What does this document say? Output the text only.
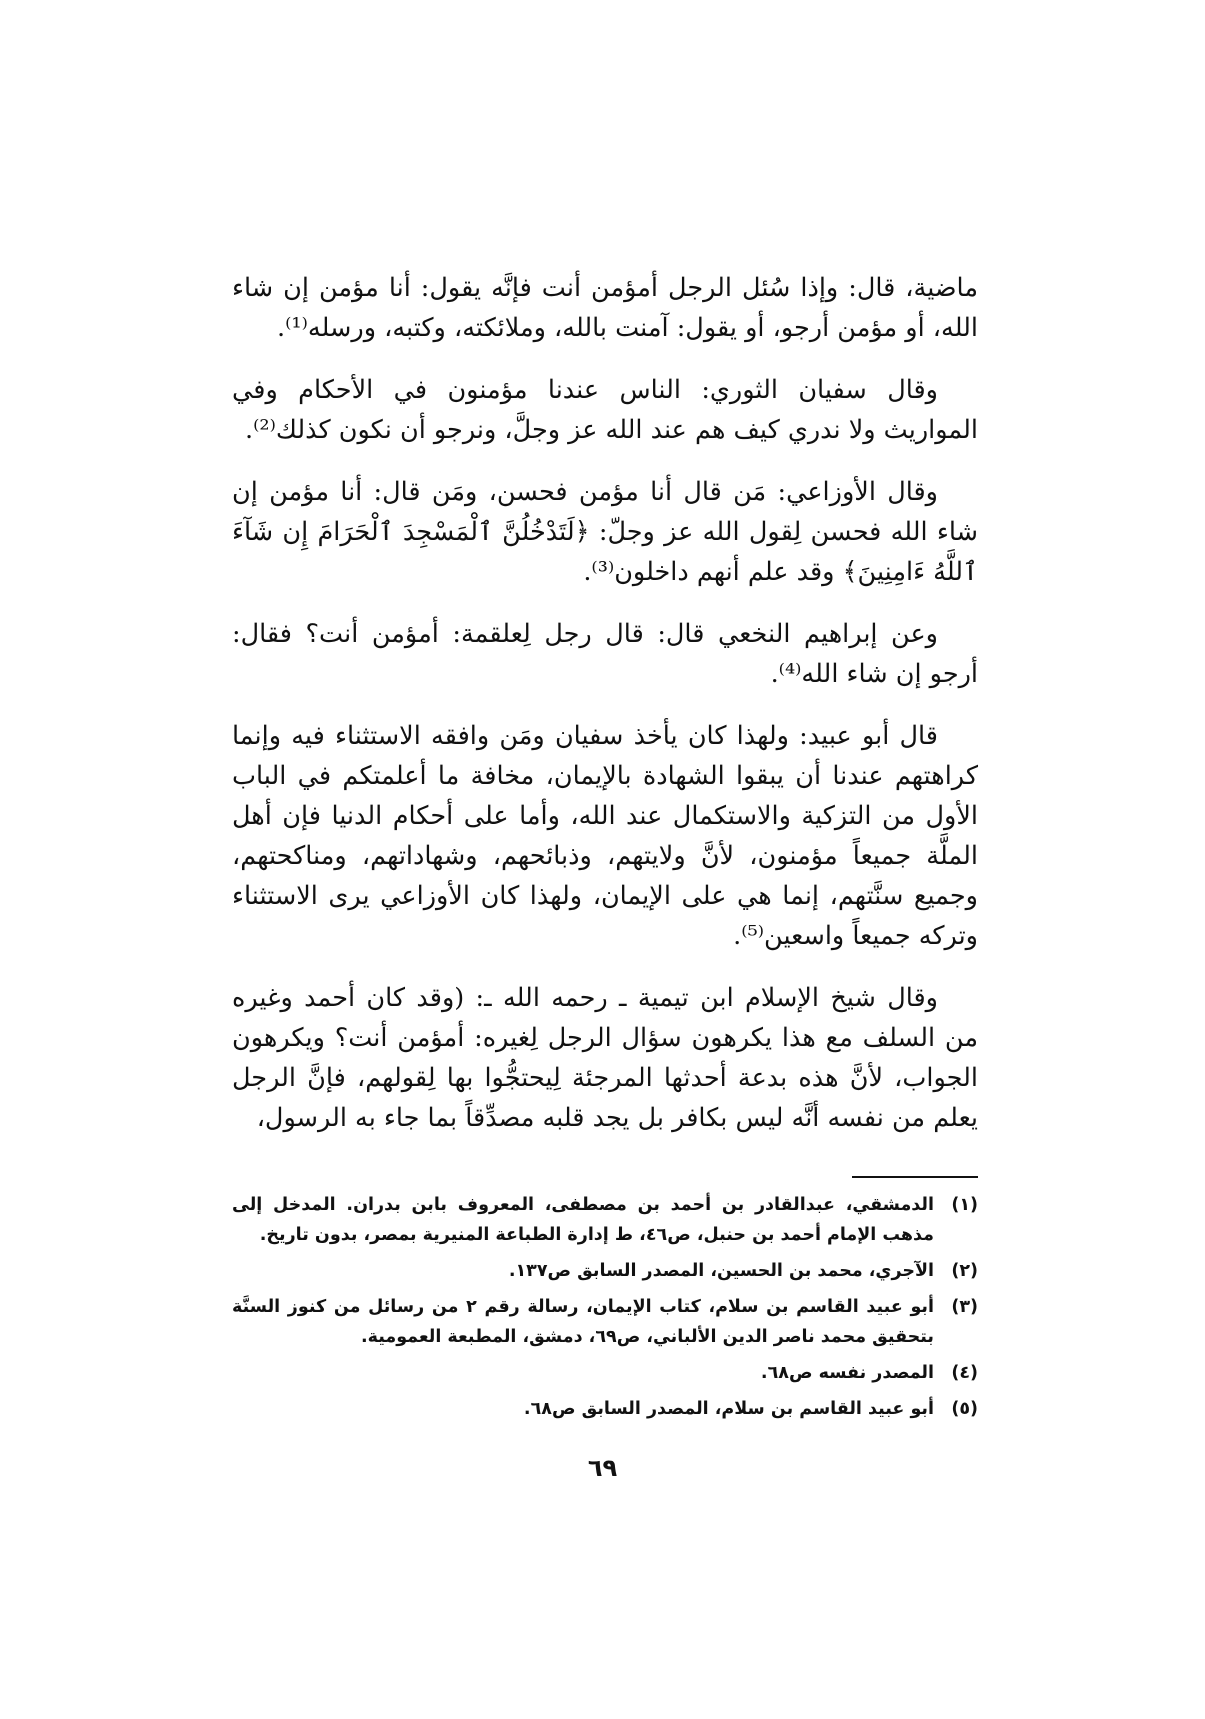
ماضية، قال: وإذا سُئل الرجل أمؤمن أنت فإنَّه يقول: أنا مؤمن إن شاء الله، أو مؤمن أرجو، أو يقول: آمنت بالله، وملائكته، وكتبه، ورسله⁽¹⁾.

وقال سفيان الثوري: الناس عندنا مؤمنون في الأحكام وفي المواريث ولا ندري كيف هم عند الله عز وجلَّ، ونرجو أن نكون كذلك⁽²⁾.

وقال الأوزاعي: مَن قال أنا مؤمن فحسن، ومَن قال: أنا مؤمن إن شاء الله فحسن لِقول الله عز وجلّ: ﴿لَتَدْخُلُنَّ ٱلْمَسْجِدَ ٱلْحَرَامَ إِن شَآءَ ٱللَّهُ ءَامِنِينَ﴾ وقد علم أنهم داخلون⁽³⁾.

وعن إبراهيم النخعي قال: قال رجل لِعلقمة: أمؤمن أنت؟ فقال: أرجو إن شاء الله⁽⁴⁾.

قال أبو عبيد: ولهذا كان يأخذ سفيان ومَن وافقه الاستثناء فيه وإنما كراهتهم عندنا أن يبقوا الشهادة بالإيمان، مخافة ما أعلمتكم في الباب الأول من التزكية والاستكمال عند الله، وأما على أحكام الدنيا فإن أهل الملَّة جميعاً مؤمنون، لأنَّ ولايتهم، وذبائحهم، وشهاداتهم، ومناكحتهم، وجميع سنَّتهم، إنما هي على الإيمان، ولهذا كان الأوزاعي يرى الاستثناء وتركه جميعاً واسعين⁽⁵⁾.

وقال شيخ الإسلام ابن تيمية ـ رحمه الله ـ: (وقد كان أحمد وغيره من السلف مع هذا يكرهون سؤال الرجل لِغيره: أمؤمن أنت؟ ويكرهون الجواب، لأنَّ هذه بدعة أحدثها المرجئة لِيحتجُّوا بها لِقولهم، فإنَّ الرجل يعلم من نفسه أنَّه ليس بكافر بل يجد قلبه مصدِّقاً بما جاء به الرسول،

(١)
الدمشقي، عبدالقادر بن أحمد بن مصطفى، المعروف بابن بدران. المدخل إلى مذهب الإمام أحمد بن حنبل، ص٤٦، ط إدارة الطباعة المنيرية بمصر، بدون تاريخ.
(٢)
الآجري، محمد بن الحسين، المصدر السابق ص١٣٧.
(٣)
أبو عبيد القاسم بن سلام، كتاب الإيمان، رسالة رقم ٢ من رسائل من كنوز السنَّة بتحقيق محمد ناصر الدين الألباني، ص٦٩، دمشق، المطبعة العمومية.
(٤)
المصدر نفسه ص٦٨.
(٥)
أبو عبيد القاسم بن سلام، المصدر السابق ص٦٨.
٦٩
